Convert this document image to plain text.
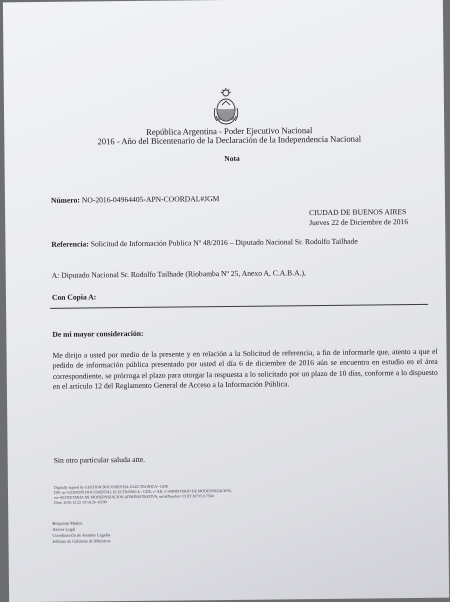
República Argentina - Poder Ejecutivo Nacional
2016 - Año del Bicentenario de la Declaración de la Independencia Nacional
Nota
Número: NO-2016-04964405-APN-COORDAL#JGM
CIUDAD DE BUENOS AIRES
Jueves 22 de Diciembre de 2016
Referencia: Solicitud de Información Publica Nº 48/2016 – Diputado Nacional Sr. Rodolfo Tailhade
A: Diputado Nacional Sr. Rodolfo Tailhade (Riobamba Nº 25, Anexo A, C.A.B.A.),
Con Copia A:
De mi mayor consideración:
Me dirijo a usted por medio de la presente y en relación a la Solicitud de referencia, a fin de informarle que, atento a que el pedido de información pública presentado por usted el día 6 de diciembre de 2016 aún se encuentra en estudio en el área correspondiente, se prórroga el plazo para otorgar la respuesta a lo solicitado por un plazo de 10 días, conforme a lo dispuesto en el artículo 12 del Reglamento General de Acceso a la Información Pública.
Sin otro particular saluda atte.
Digitally signed by GESTION DOCUMENTAL ELECTRONICA - GDE
DN: cn=GESTION DOCUMENTAL ELECTRONICA - GDE, c=AR, o=MINISTERIO DE MODERNIZACION,
ou=SECRETARIA DE MODERNIZACION ADMINISTRATIVA, serialNumber=CUIT 30715117564
Date: 2016.12.22 10:18:26 -03'00'
Benjamin Muñoz
Asesor Legal
Coordinación de Asuntos Legales
Jefatura de Gabinete de Ministros
